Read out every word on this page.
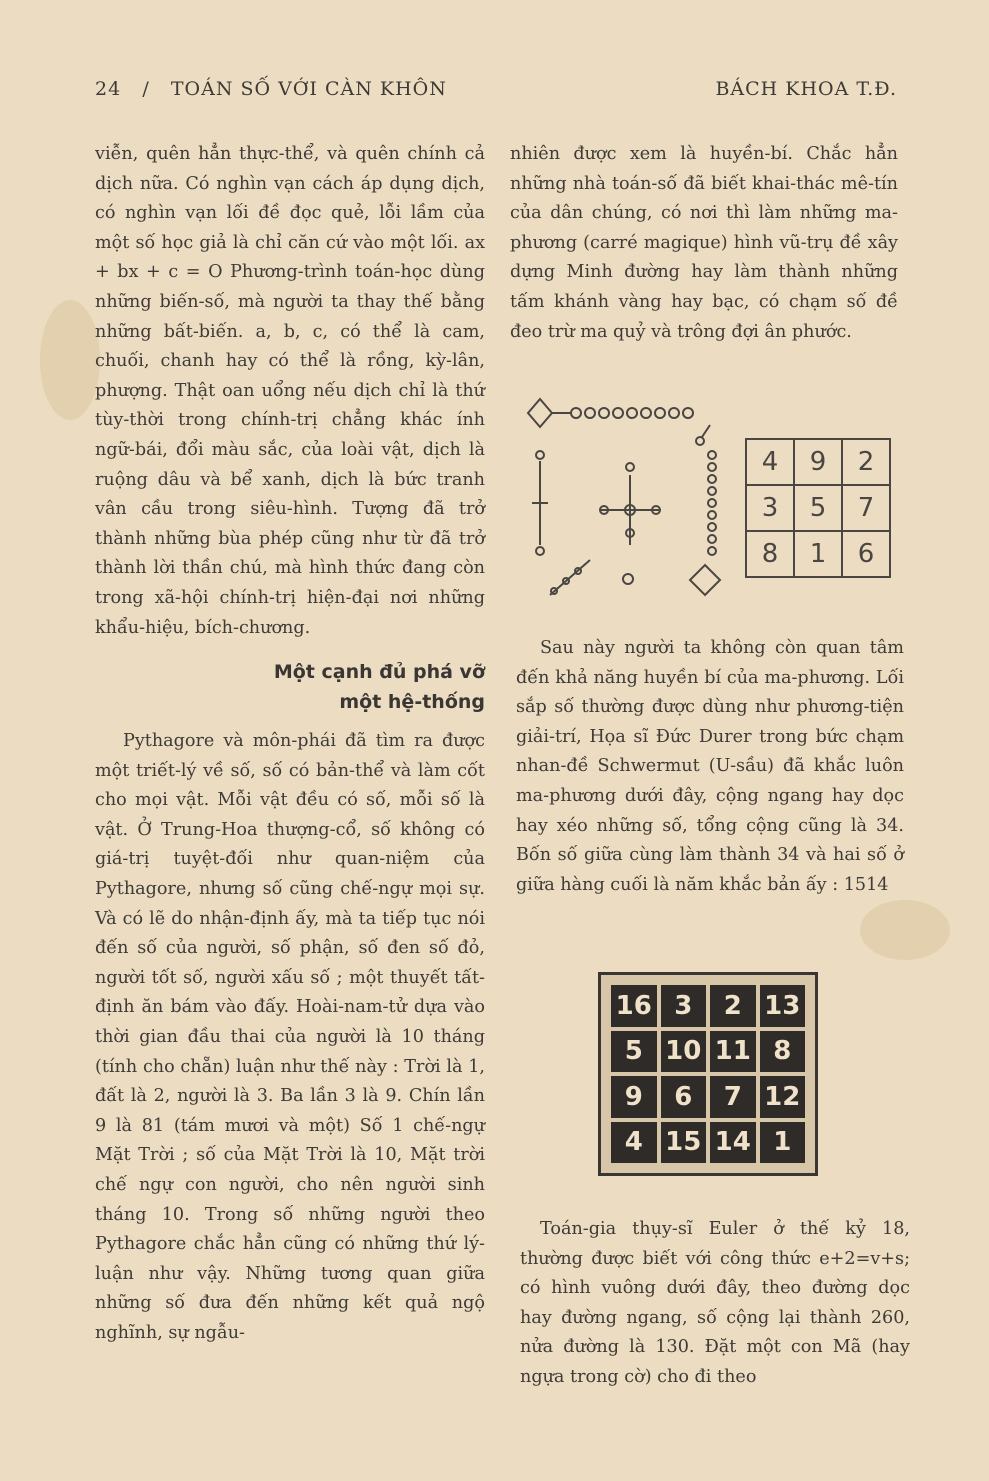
24 / TOÁN SỐ VỚI CÀN KHÔN	BÁCH KHOA T.Đ.

viễn, quên hẳn thực-thể, và quên chính cả dịch nữa. Có nghìn vạn cách áp dụng dịch, có nghìn vạn lối đề đọc quẻ, lỗi lầm của một số học giả là chỉ căn cứ vào một lối. ax + bx + c = O Phương-trình toán-học dùng những biến-số, mà người ta thay thế bằng những bất-biến. a, b, c, có thể là cam, chuối, chanh hay có thể là rồng, kỳ-lân, phượng. Thật oan uổng nếu dịch chỉ là thứ tùy-thời trong chính-trị chẳng khác ính ngữ-bái, đổi màu sắc, của loài vật, dịch là ruộng dâu và bể xanh, dịch là bức tranh vân cầu trong siêu-hình. Tượng đã trở thành những bùa phép cũng như từ đã trở thành lời thần chú, mà hình thức đang còn trong xã-hội chính-trị hiện-đại nơi những khẩu-hiệu, bích-chương.

Một cạnh đủ phá vỡ
một hệ-thống

Pythagore và môn-phái đã tìm ra được một triết-lý về số, số có bản-thể và làm cốt cho mọi vật. Mỗi vật đều có số, mỗi số là vật. Ở Trung-Hoa thượng-cổ, số không có giá-trị tuyệt-đối như quan-niệm của Pythagore, nhưng số cũng chế-ngự mọi sự. Và có lẽ do nhận-định ấy, mà ta tiếp tục nói đến số của người, số phận, số đen số đỏ, người tốt số, người xấu số ; một thuyết tất-định ăn bám vào đấy. Hoài-nam-tử dựa vào thời gian đầu thai của người là 10 tháng (tính cho chẵn) luận như thế này : Trời là 1, đất là 2, người là 3. Ba lần 3 là 9. Chín lần 9 là 81 (tám mươi và một) Số 1 chế-ngự Mặt Trời ; số của Mặt Trời là 10, Mặt trời chế ngự con người, cho nên người sinh tháng 10. Trong số những người theo Pythagore chắc hẳn cũng có những thứ lý-luận như vậy. Những tương quan giữa những số đưa đến những kết quả ngộ nghĩnh, sự ngẫu-

nhiên được xem là huyền-bí. Chắc hẳn những nhà toán-số đã biết khai-thác mê-tín của dân chúng, có nơi thì làm những ma-phương (carré magique) hình vũ-trụ đề xây dựng Minh đường hay làm thành những tấm khánh vàng hay bạc, có chạm số đề đeo trừ ma quỷ và trông đợi ân phước.

4	9	2
3	5	7
8	1	6

Sau này người ta không còn quan tâm đến khả năng huyền bí của ma-phương. Lối sắp số thường được dùng như phương-tiện giải-trí, Họa sĩ Đức Durer trong bức chạm nhan-đề Schwermut (U-sầu) đã khắc luôn ma-phương dưới đây, cộng ngang hay dọc hay xéo những số, tổng cộng cũng là 34. Bốn số giữa cùng làm thành 34 và hai số ở giữa hàng cuối là năm khắc bản ấy : 1514

16	3	2	13
5	10	11	8
9	6	7	12
4	15	14	1

Toán-gia thụy-sĩ Euler ở thế kỷ 18, thường được biết với công thức e+2=v+s; có hình vuông dưới đây, theo đường dọc hay đường ngang, số cộng lại thành 260, nửa đường là 130. Đặt một con Mã (hay ngựa trong cờ) cho đi theo
